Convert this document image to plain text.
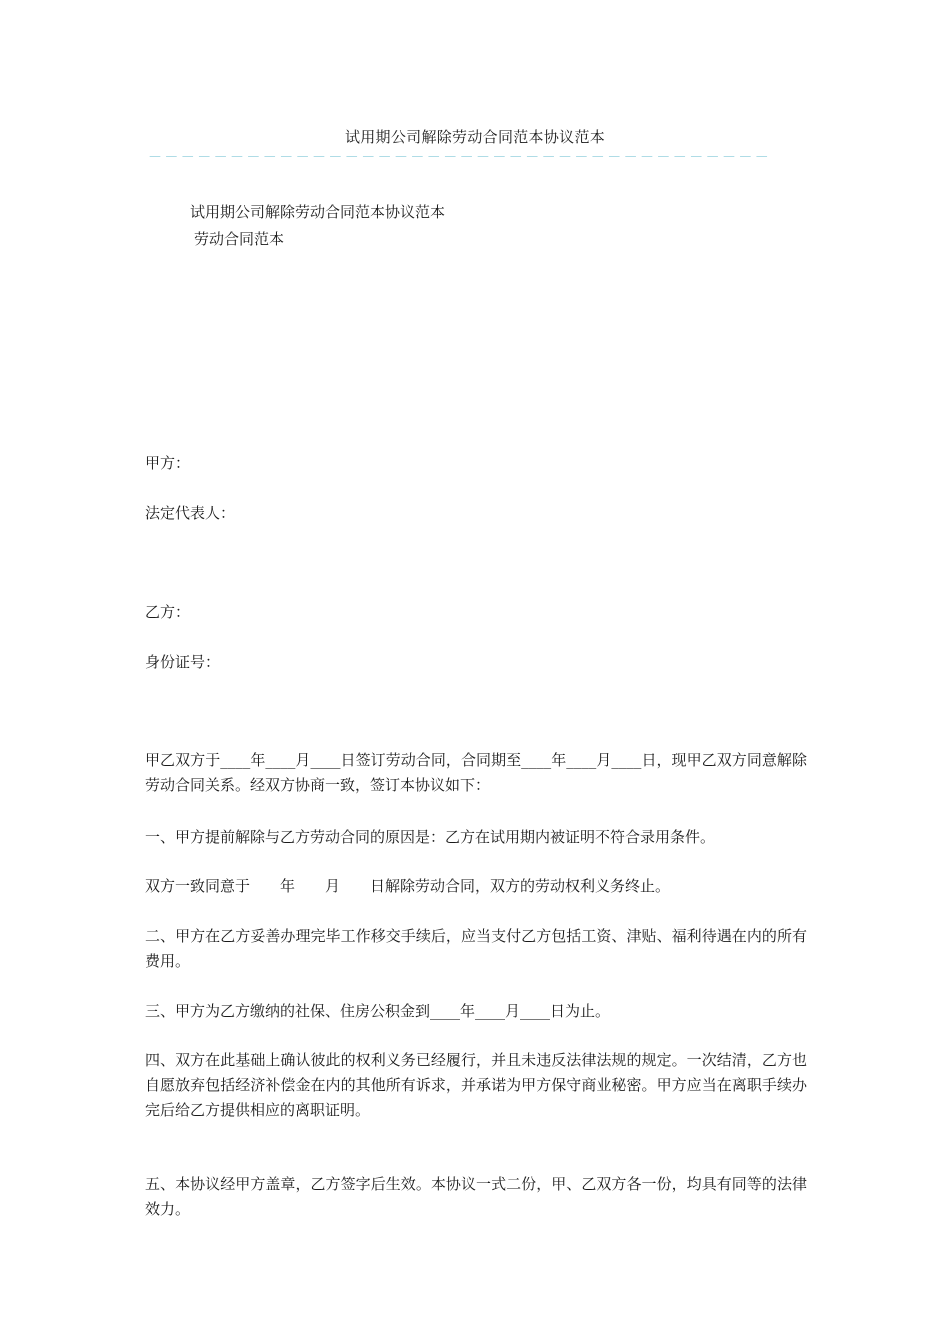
试用期公司解除劳动合同范本协议范本
－－－－－－－－－－－－－－－－－－－－－－－－－－－－－－－－－－－－－－
试用期公司解除劳动合同范本协议范本
劳动合同范本
甲方：
法定代表人：
乙方：
身份证号：
甲乙双方于____年____月____日签订劳动合同，合同期至____年____月____日，现甲乙双方同意解除劳动合同关系。经双方协商一致，签订本协议如下：
一、甲方提前解除与乙方劳动合同的原因是：乙方在试用期内被证明不符合录用条件。
双方一致同意于　　年　　月　　日解除劳动合同，双方的劳动权利义务终止。
二、甲方在乙方妥善办理完毕工作移交手续后，应当支付乙方包括工资、津贴、福利待遇在内的所有费用。
三、甲方为乙方缴纳的社保、住房公积金到____年____月____日为止。
四、双方在此基础上确认彼此的权利义务已经履行，并且未违反法律法规的规定。一次结清，乙方也自愿放弃包括经济补偿金在内的其他所有诉求，并承诺为甲方保守商业秘密。甲方应当在离职手续办完后给乙方提供相应的离职证明。
五、本协议经甲方盖章，乙方签字后生效。本协议一式二份，甲、乙双方各一份，均具有同等的法律效力。
